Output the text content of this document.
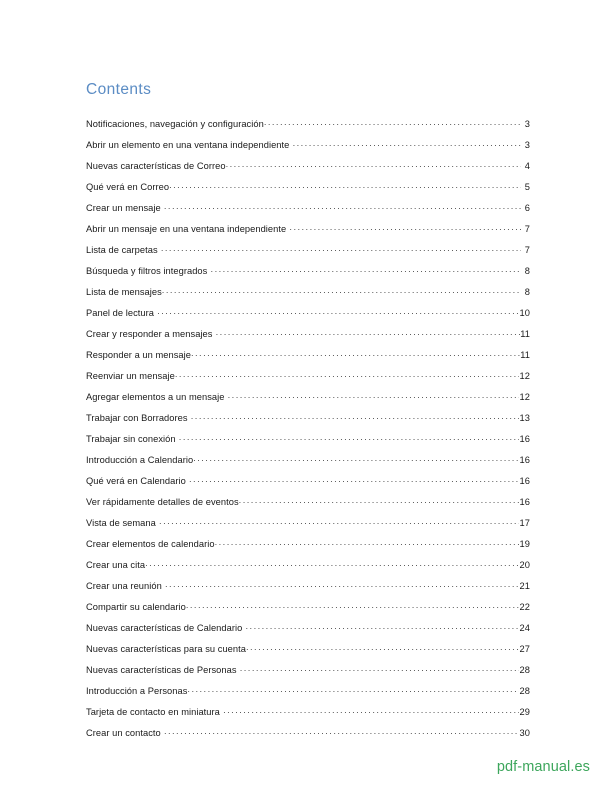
Contents
Notificaciones, navegación y configuración .....	3
Abrir un elemento en una ventana independiente .....	3
Nuevas características de Correo .....	4
Qué verá en Correo .....	5
Crear un mensaje .....	6
Abrir un mensaje en una ventana independiente .....	7
Lista de carpetas .....	7
Búsqueda y filtros integrados .....	8
Lista de mensajes .....	8
Panel de lectura .....	10
Crear y responder a mensajes .....	11
Responder a un mensaje .....	11
Reenviar un mensaje .....	12
Agregar elementos a un mensaje .....	12
Trabajar con Borradores .....	13
Trabajar sin conexión .....	16
Introducción a Calendario .....	16
Qué verá en Calendario .....	16
Ver rápidamente detalles de eventos .....	16
Vista de semana .....	17
Crear elementos de calendario .....	19
Crear una cita .....	20
Crear una reunión .....	21
Compartir su calendario .....	22
Nuevas características de Calendario .....	24
Nuevas características para su cuenta .....	27
Nuevas características de Personas .....	28
Introducción a Personas .....	28
Tarjeta de contacto en miniatura .....	29
Crear un contacto .....	30
pdf-manual.es
